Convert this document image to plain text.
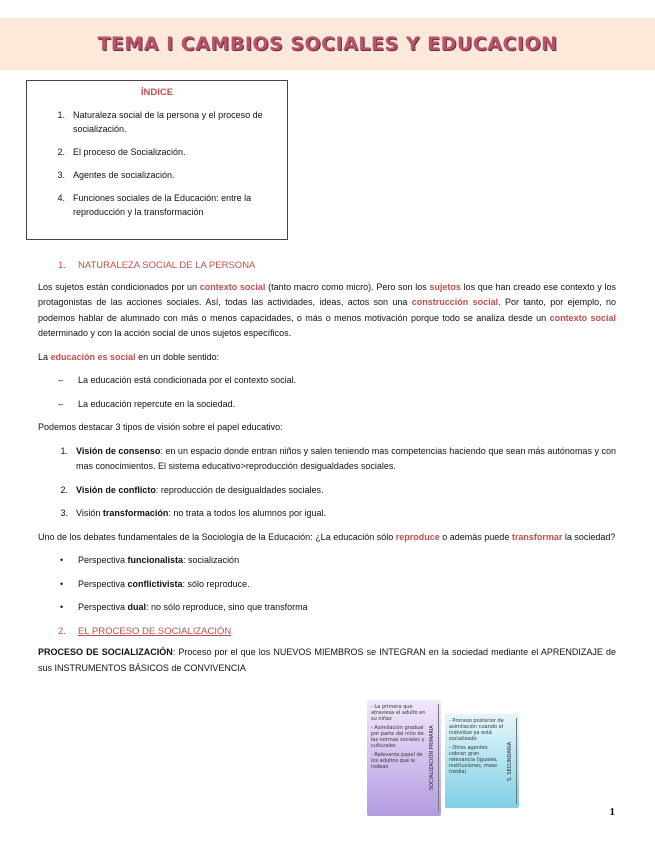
TEMA I CAMBIOS SOCIALES Y EDUCACION
ÍNDICE
1. Naturaleza social de la persona y el proceso de socialización.
2. El proceso de Socialización.
3. Agentes de socialización.
4. Funciones sociales de la Educación: entre la reproducción y la transformación
1.	NATURALEZA SOCIAL DE LA PERSONA

Los sujetos están condicionados por un contexto social (tanto macro como micro). Pero son los sujetos los que han creado ese contexto y los protagonistas de las acciones sociales. Así, todas las actividades, ideas, actos son una construcción social. Por tanto, por ejemplo, no podemos hablar de alumnado con más o menos capacidades, o más o menos motivación porque todo se analiza desde un contexto social determinado y con la acción social de unos sujetos específicos.

La educación es social en un doble sentido:

–	La educación está condicionada por el contexto social.
–	La educación repercute en la sociedad.

Podemos destacar 3 tipos de visión sobre el papel educativo:

1. Visión de consenso: en un espacio donde entran niños y salen teniendo mas competencias haciendo que sean más autónomas y con mas conocimientos. El sistema educativo>reproducción desigualdades sociales.
2. Visión de conflicto: reproducción de desigualdades sociales.
3. Visión transformación: no trata a todos los alumnos por igual.

Uno de los debates fundamentales de la Sociología de la Educación: ¿La educación sólo reproduce o además puede transformar la sociedad?

•	Perspectiva funcionalista: socialización
•	Perspectiva conflictivista: sólo reproduce.
•	Perspectiva dual: no sólo reproduce, sino que transforma
2.	EL PROCESO DE SOCIALIZACIÓN

PROCESO DE SOCIALIZACIÓN: Proceso por el que los NUEVOS MIEMBROS se INTEGRAN en la sociedad mediante el APRENDIZAJE de sus INSTRUMENTOS BÁSICOS de CONVIVENCIA

- La primera que atraviesa el adulto en su niñez
- Asimilación gradual por parte del niño de las normas sociales y culturales
- Relevante papel de los adultos que le rodean	SOCIALIZACIÓN PRIMARIA
- Proceso posterior de asimilación cuando el individuo ya está socializado
- Otros agentes cobran gran relevancia (iguales, instituciones, mass media)	S. SECUNDARIA
1
